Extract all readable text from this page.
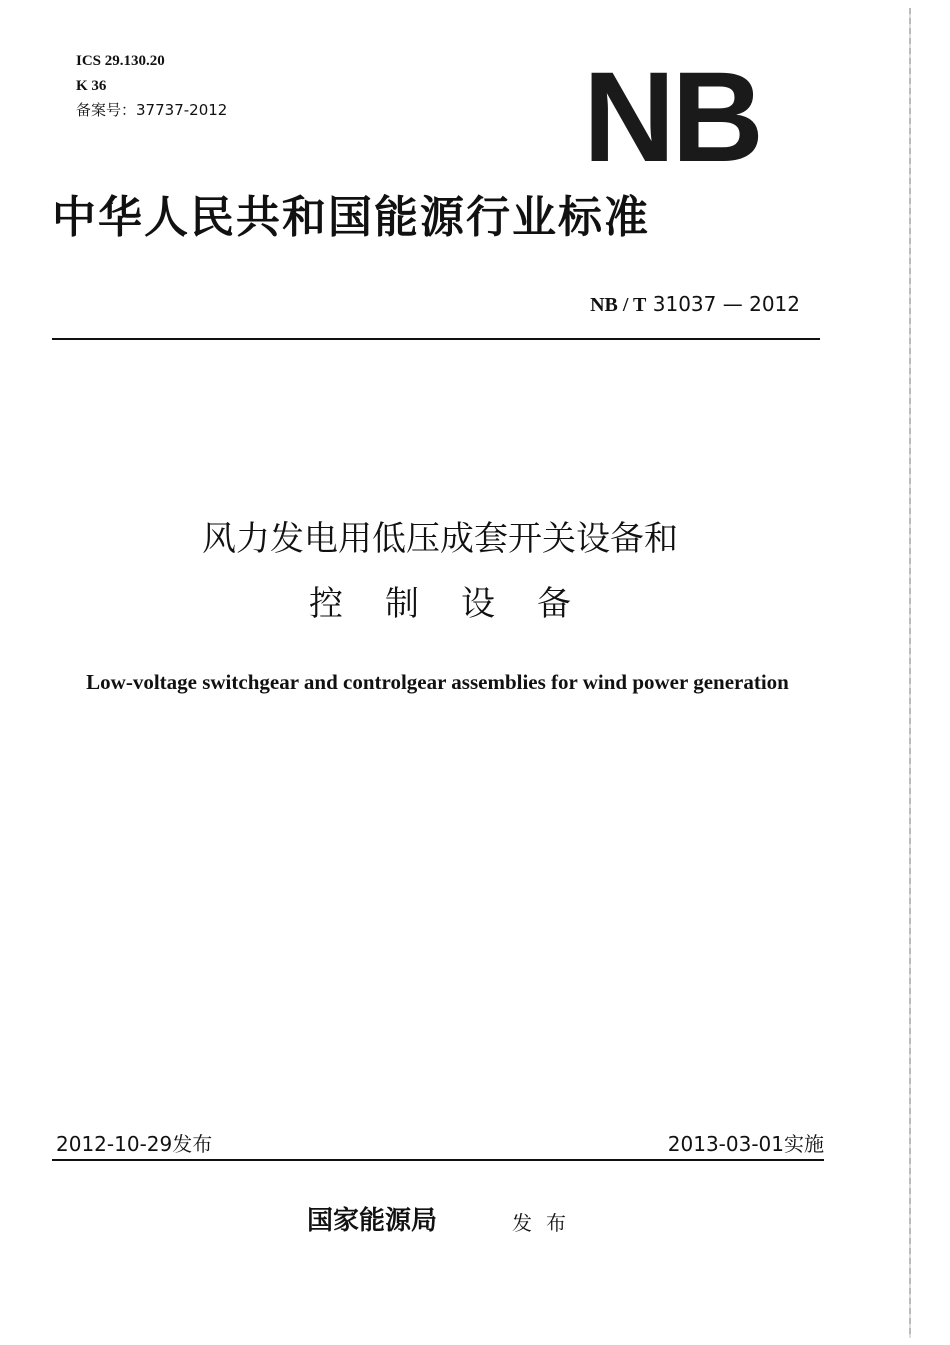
ICS 29.130.20
K 36
备案号：37737-2012	NB
中华人民共和国能源行业标准
NB / T 31037 — 2012
风力发电用低压成套开关设备和
控制设备
Low-voltage switchgear and controlgear assemblies for wind power generation
2012-10-29发布	2013-03-01实施
国家能源局	发布
